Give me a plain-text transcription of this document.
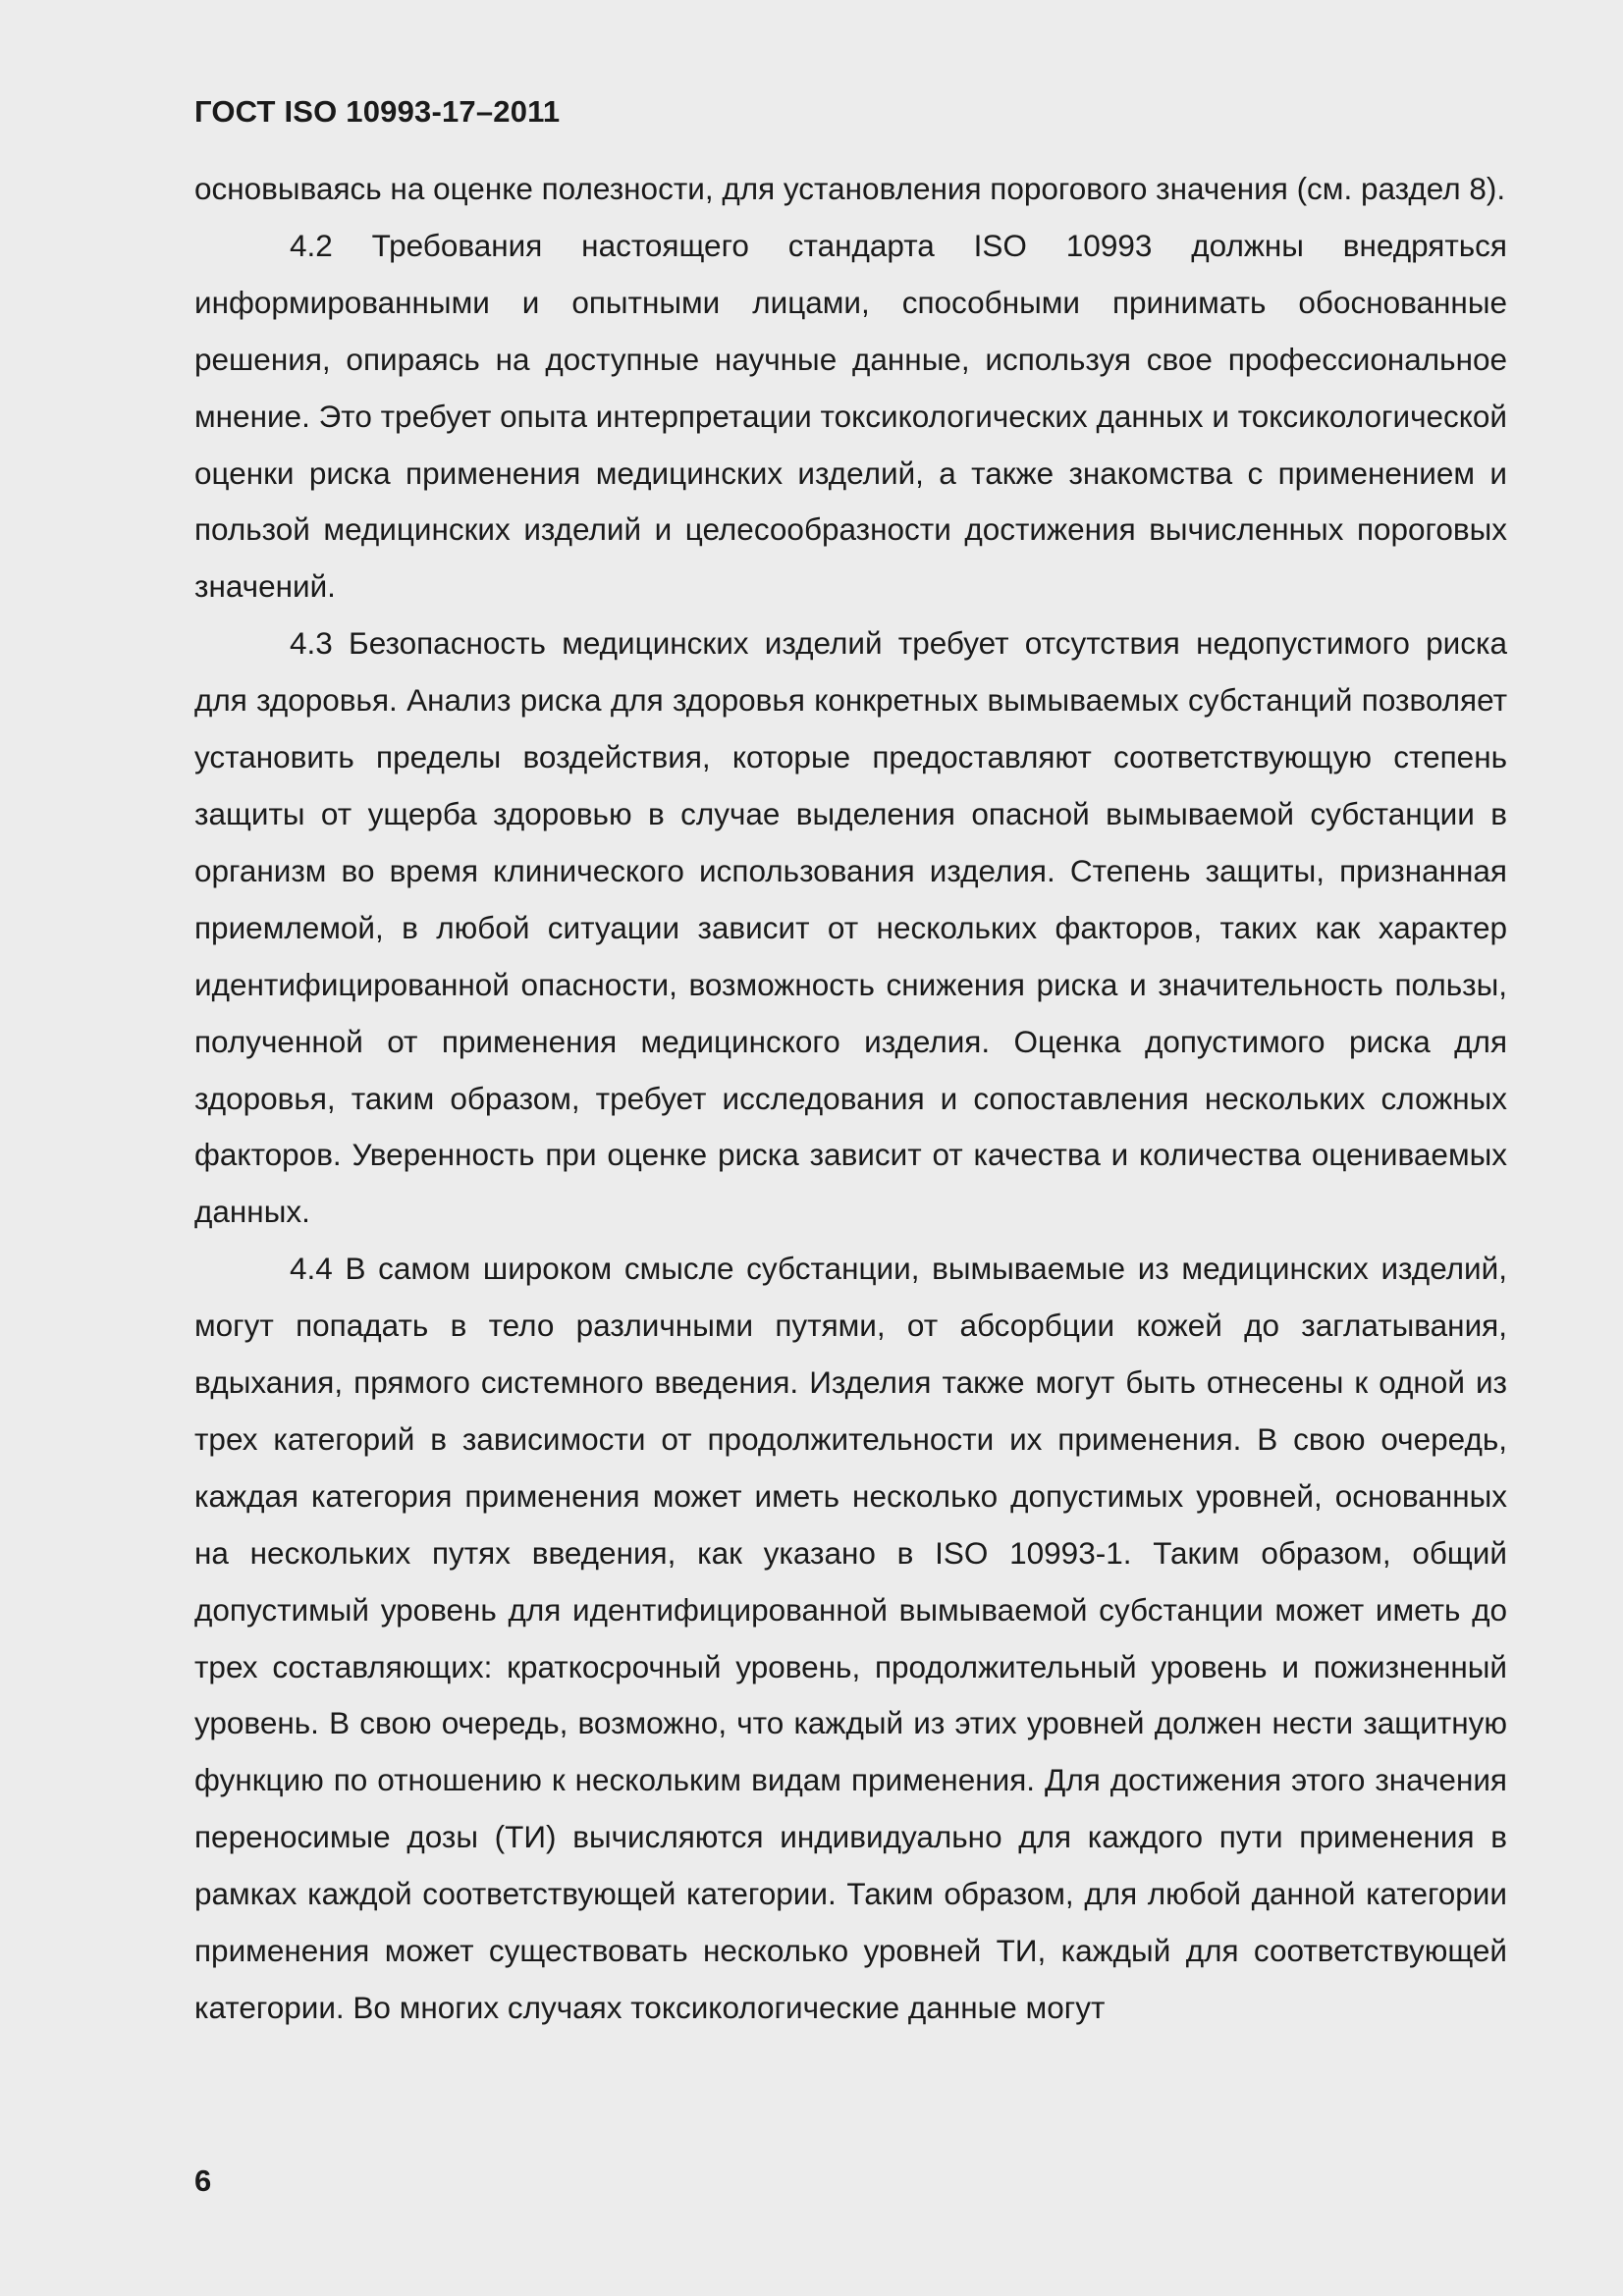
ГОСТ ISO 10993-17–2011

основываясь на оценке полезности, для установления порогового значения (см. раздел 8).

4.2 Требования настоящего стандарта ISO 10993 должны внедряться информированными и опытными лицами, способными принимать обоснованные решения, опираясь на доступные научные данные, используя свое профессиональное мнение. Это требует опыта интерпретации токсикологических данных и токсикологической оценки риска применения медицинских изделий, а также знакомства с применением и пользой медицинских изделий и целесообразности достижения вычисленных пороговых значений.

4.3 Безопасность медицинских изделий требует отсутствия недопустимого риска для здоровья. Анализ риска для здоровья конкретных вымываемых субстанций позволяет установить пределы воздействия, которые предоставляют соответствующую степень защиты от ущерба здоровью в случае выделения опасной вымываемой субстанции в организм во время клинического использования изделия. Степень защиты, признанная приемлемой, в любой ситуации зависит от нескольких факторов, таких как характер идентифицированной опасности, возможность снижения риска и значительность пользы, полученной от применения медицинского изделия. Оценка допустимого риска для здоровья, таким образом, требует исследования и сопоставления нескольких сложных факторов. Уверенность при оценке риска зависит от качества и количества оцениваемых данных.

4.4 В самом широком смысле субстанции, вымываемые из медицинских изделий, могут попадать в тело различными путями, от абсорбции кожей до заглатывания, вдыхания, прямого системного введения. Изделия также могут быть отнесены к одной из трех категорий в зависимости от продолжительности их применения. В свою очередь, каждая категория применения может иметь несколько допустимых уровней, основанных на нескольких путях введения, как указано в ISO 10993-1. Таким образом, общий допустимый уровень для идентифицированной вымываемой субстанции может иметь до трех составляющих: краткосрочный уровень, продолжительный уровень и пожизненный уровень. В свою очередь, возможно, что каждый из этих уровней должен нести защитную функцию по отношению к нескольким видам применения. Для достижения этого значения переносимые дозы (ТИ) вычисляются индивидуально для каждого пути применения в рамках каждой соответствующей категории. Таким образом, для любой данной категории применения может существовать несколько уровней ТИ, каждый для соответствующей категории. Во многих случаях токсикологические данные могут

6
